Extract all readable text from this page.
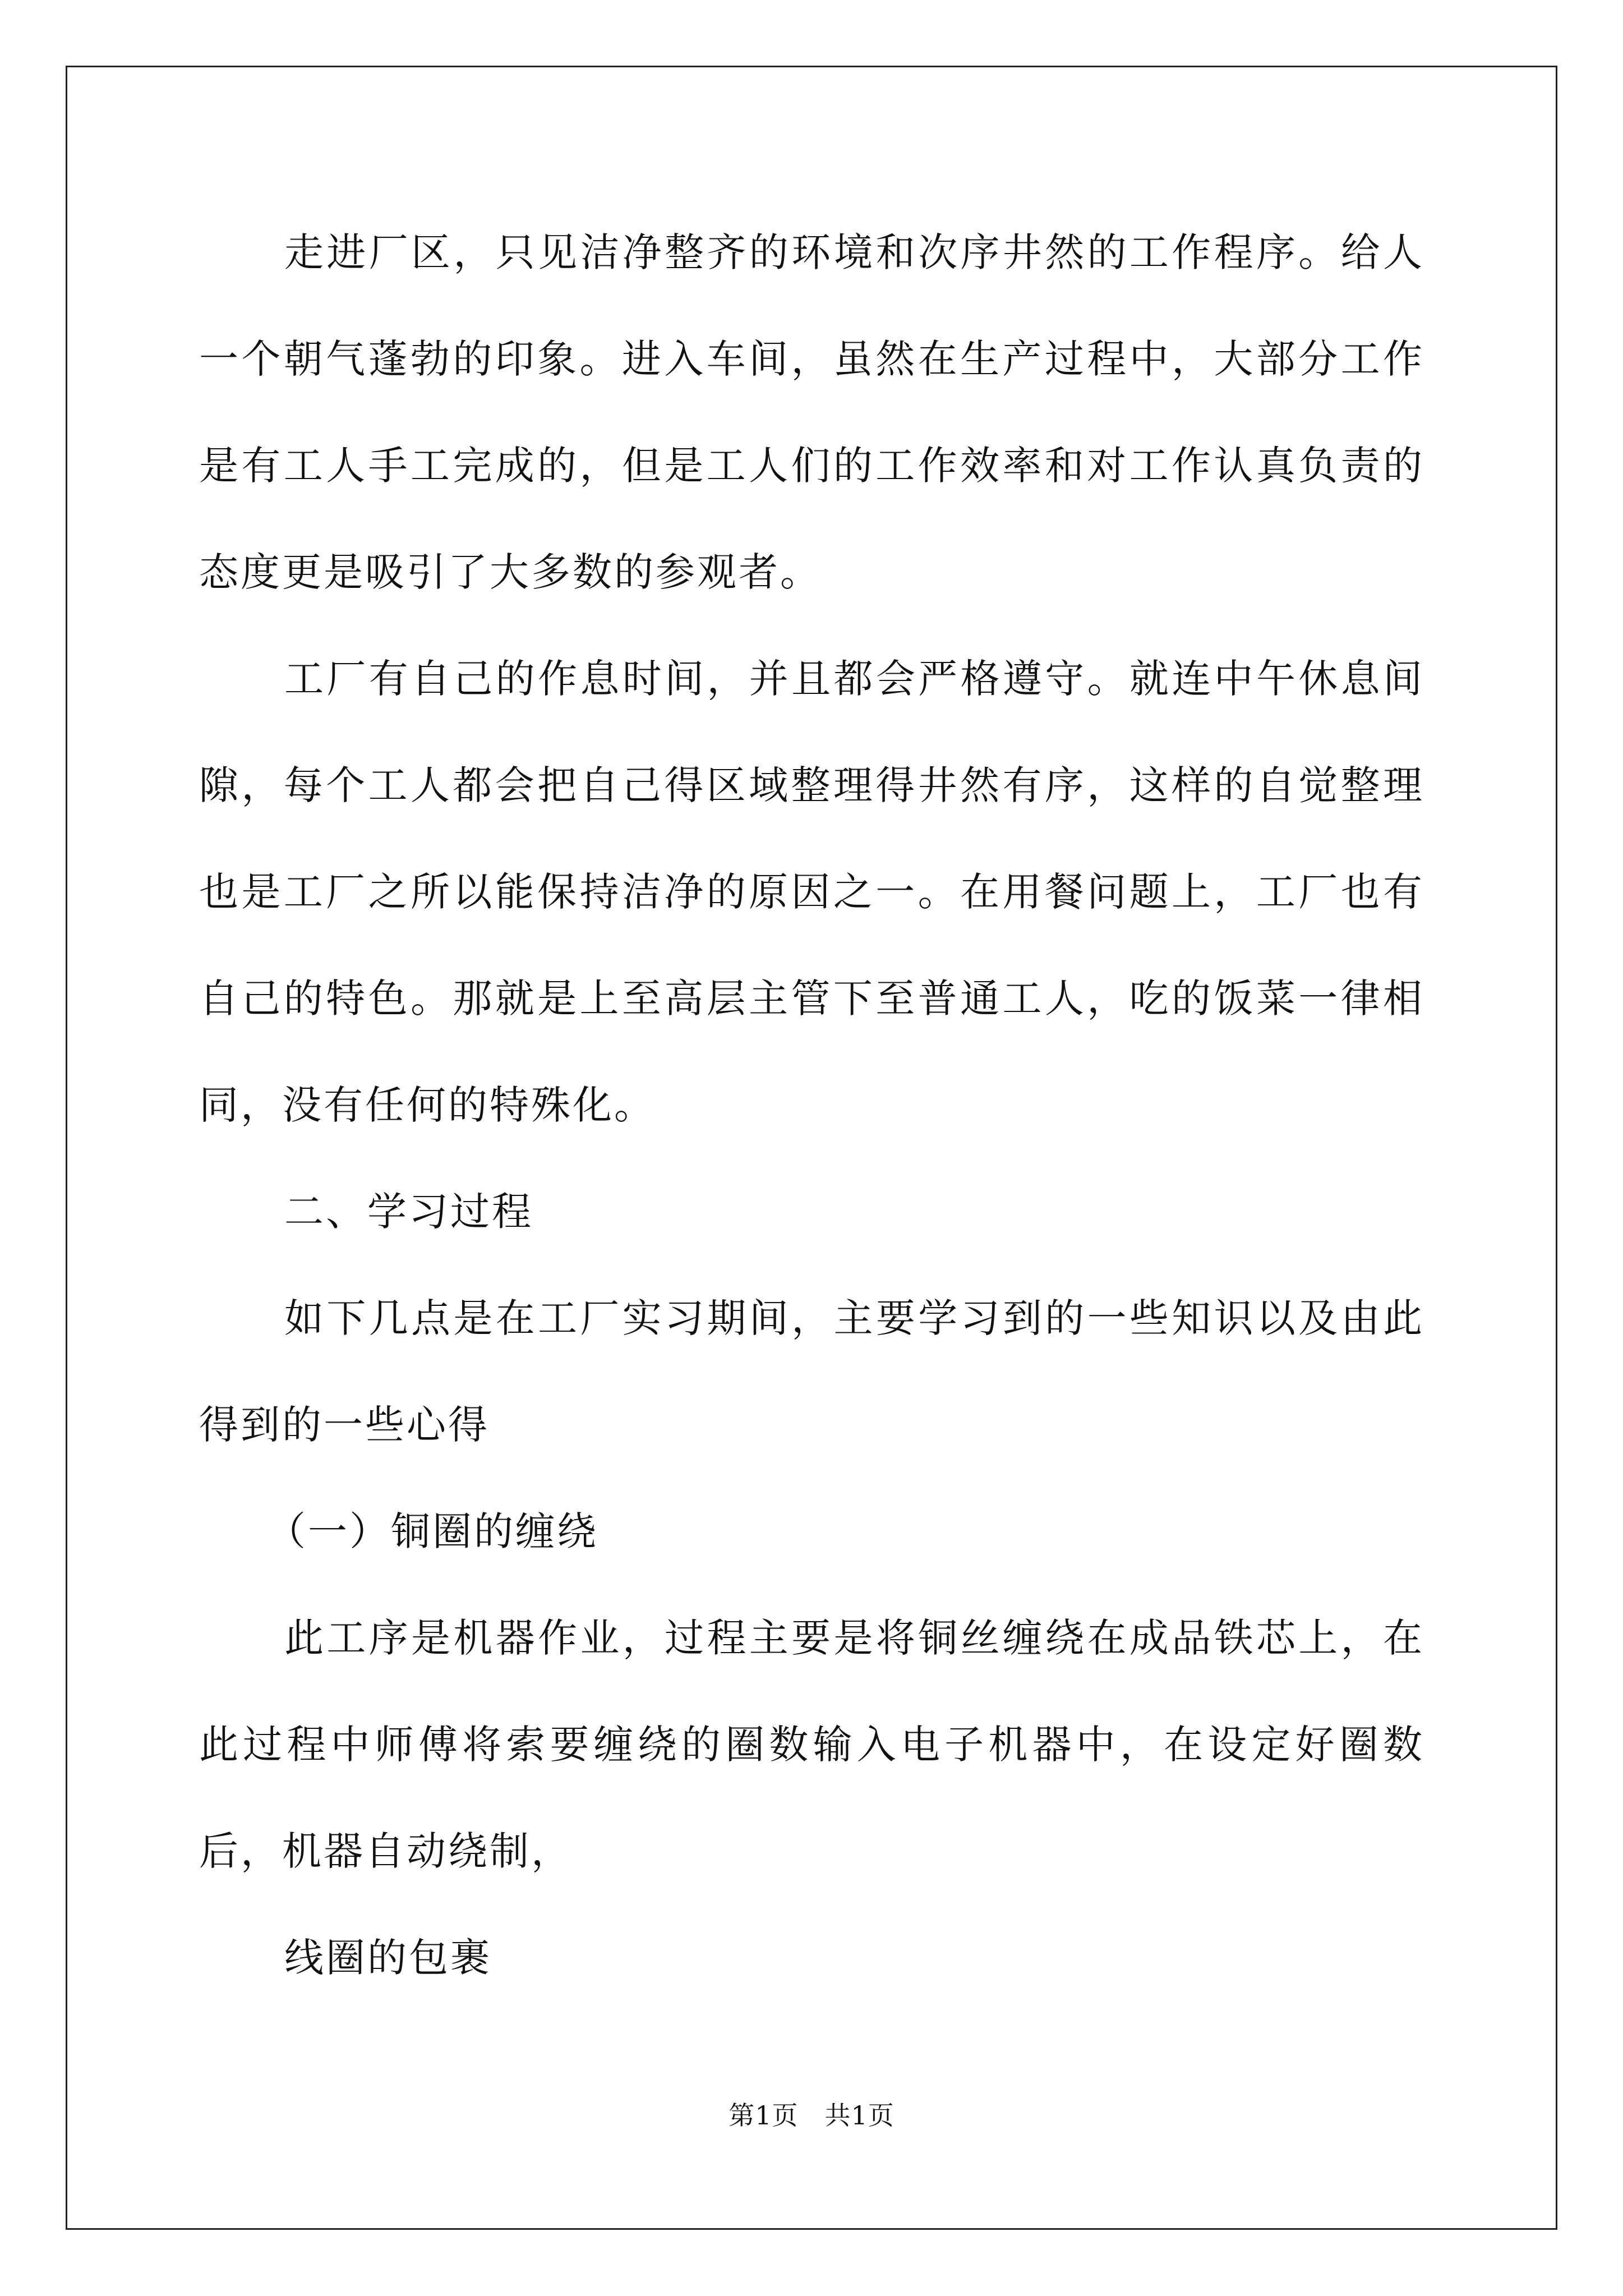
走进厂区，只见洁净整齐的环境和次序井然的工作程序。给人一个朝气蓬勃的印象。进入车间，虽然在生产过程中，大部分工作是有工人手工完成的，但是工人们的工作效率和对工作认真负责的态度更是吸引了大多数的参观者。

工厂有自己的作息时间，并且都会严格遵守。就连中午休息间隙，每个工人都会把自己得区域整理得井然有序，这样的自觉整理也是工厂之所以能保持洁净的原因之一。在用餐问题上，工厂也有自己的特色。那就是上至高层主管下至普通工人，吃的饭菜一律相同，没有任何的特殊化。

二、学习过程

如下几点是在工厂实习期间，主要学习到的一些知识以及由此得到的一些心得

（一）铜圈的缠绕

此工序是机器作业，过程主要是将铜丝缠绕在成品铁芯上，在此过程中师傅将索要缠绕的圈数输入电子机器中，在设定好圈数后，机器自动绕制，

线圈的包裹

第1页　共1页
